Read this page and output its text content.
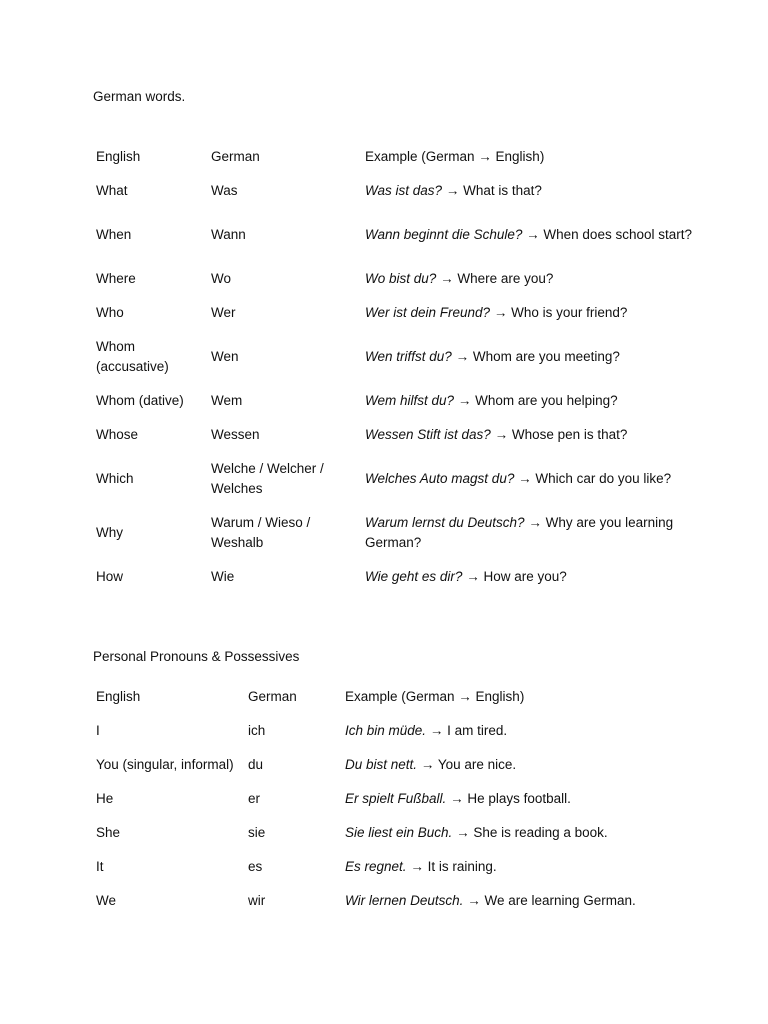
German words.
English	German	Example (German → English)
What	Was	Was ist das? → What is that?
When	Wann	Wann beginnt die Schule? → When does school start?
Where	Wo	Wo bist du? → Where are you?
Who	Wer	Wer ist dein Freund? → Who is your friend?
Whom (accusative)	Wen	Wen triffst du? → Whom are you meeting?
Whom (dative)	Wem	Wem hilfst du? → Whom are you helping?
Whose	Wessen	Wessen Stift ist das? → Whose pen is that?
Which	Welche / Welcher / Welches	Welches Auto magst du? → Which car do you like?
Why	Warum / Wieso / Weshalb	Warum lernst du Deutsch? → Why are you learning German?
How	Wie	Wie geht es dir? → How are you?
Personal Pronouns & Possessives
English	German	Example (German → English)
I	ich	Ich bin müde. → I am tired.
You (singular, informal)	du	Du bist nett. → You are nice.
He	er	Er spielt Fußball. → He plays football.
She	sie	Sie liest ein Buch. → She is reading a book.
It	es	Es regnet. → It is raining.
We	wir	Wir lernen Deutsch. → We are learning German.
